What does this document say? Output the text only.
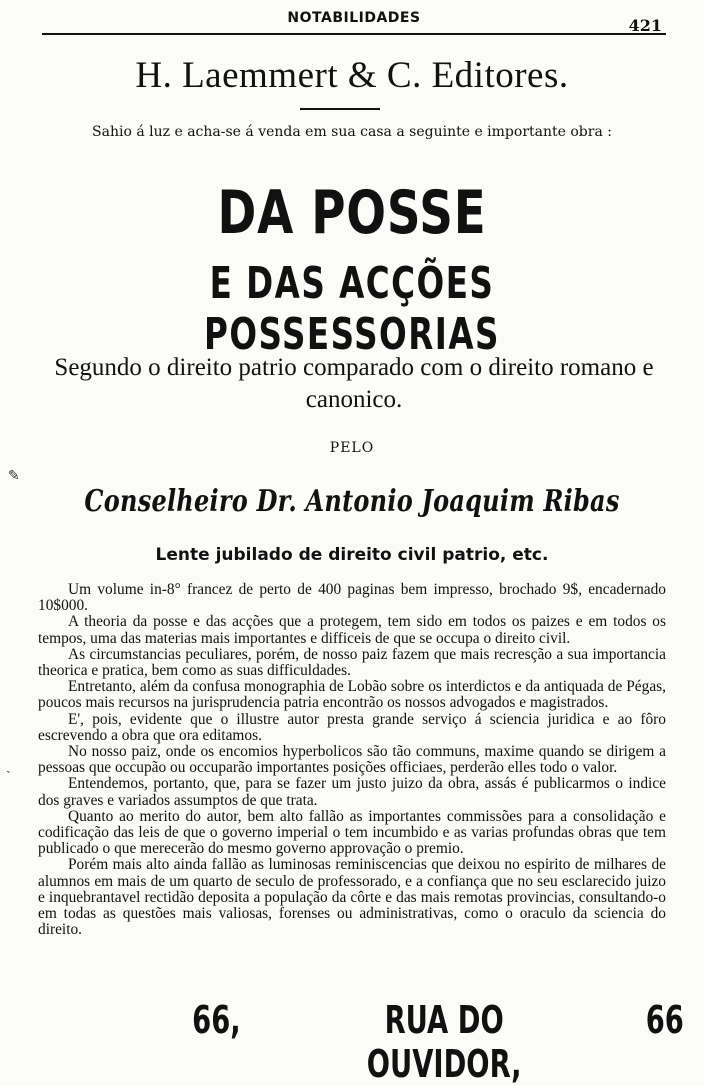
NOTABILIDADES	421
H. Laemmert & C. Editores.
Sahio á luz e acha-se á venda em sua casa a seguinte e importante obra :
DA POSSE
E DAS ACÇÕES POSSESSORIAS
Segundo o direito patrio comparado com o direito romano e canonico.
PELO
Conselheiro Dr. Antonio Joaquim Ribas
Lente jubilado de direito civil patrio, etc.

Um volume in-8° francez de perto de 400 paginas bem impresso, brochado 9$, encadernado 10$000.

A theoria da posse e das acções que a protegem, tem sido em todos os paizes e em todos os tempos, uma das materias mais importantes e difficeis de que se occupa o direito civil.

As circumstancias peculiares, porém, de nosso paiz fazem que mais recresção a sua importancia theorica e pratica, bem como as suas difficuldades.

Entretanto, além da confusa monographia de Lobão sobre os interdictos e da antiquada de Pégas, poucos mais recursos na jurisprudencia patria encontrão os nossos advogados e magistrados.

E', pois, evidente que o illustre autor presta grande serviço á sciencia juridica e ao fôro escrevendo a obra que ora editamos.

No nosso paiz, onde os encomios hyperbolicos são tão communs, maxime quando se dirigem a pessoas que occupão ou occuparão importantes posições officiaes, perderão elles todo o valor.

Entendemos, portanto, que, para se fazer um justo juizo da obra, assás é publicarmos o indice dos graves e variados assumptos de que trata.

Quanto ao merito do autor, bem alto fallão as importantes commissões para a consolidação e codificação das leis de que o governo imperial o tem incumbido e as varias profundas obras que tem publicado o que merecerão do mesmo governo approvação o premio.

Porém mais alto ainda fallão as luminosas reminiscencias que deixou no espirito de milhares de alumnos em mais de um quarto de seculo de professorado, e a confiança que no seu esclarecido juizo e inquebrantavel rectidão deposita a população da côrte e das mais remotas provincias, consultando-o em todas as questões mais valiosas, forenses ou administrativas, como o oraculo da sciencia do direito.

66,	RUA DO OUVIDOR,
66
✎
ˎ
